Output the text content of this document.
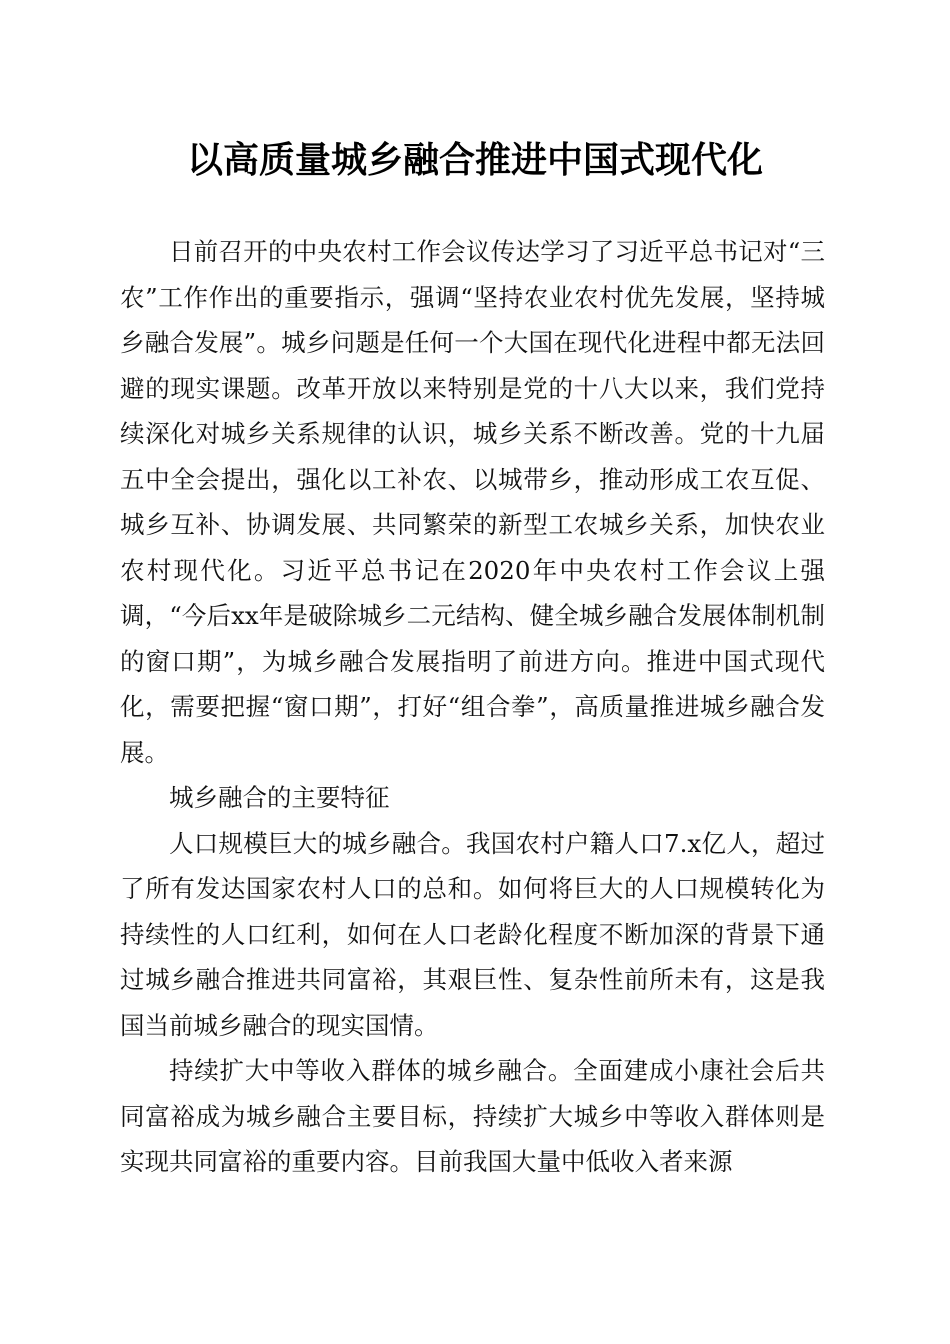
以高质量城乡融合推进中国式现代化

日前召开的中央农村工作会议传达学习了习近平总书记对“三农”工作作出的重要指示，强调“坚持农业农村优先发展，坚持城乡融合发展”。城乡问题是任何一个大国在现代化进程中都无法回避的现实课题。改革开放以来特别是党的十八大以来，我们党持续深化对城乡关系规律的认识，城乡关系不断改善。党的十九届五中全会提出，强化以工补农、以城带乡，推动形成工农互促、城乡互补、协调发展、共同繁荣的新型工农城乡关系，加快农业农村现代化。习近平总书记在2020年中央农村工作会议上强调，“今后xx年是破除城乡二元结构、健全城乡融合发展体制机制的窗口期”，为城乡融合发展指明了前进方向。推进中国式现代化，需要把握“窗口期”，打好“组合拳”，高质量推进城乡融合发展。

城乡融合的主要特征

人口规模巨大的城乡融合。我国农村户籍人口7.x亿人，超过了所有发达国家农村人口的总和。如何将巨大的人口规模转化为持续性的人口红利，如何在人口老龄化程度不断加深的背景下通过城乡融合推进共同富裕，其艰巨性、复杂性前所未有，这是我国当前城乡融合的现实国情。

持续扩大中等收入群体的城乡融合。全面建成小康社会后共同富裕成为城乡融合主要目标，持续扩大城乡中等收入群体则是实现共同富裕的重要内容。目前我国大量中低收入者来源
